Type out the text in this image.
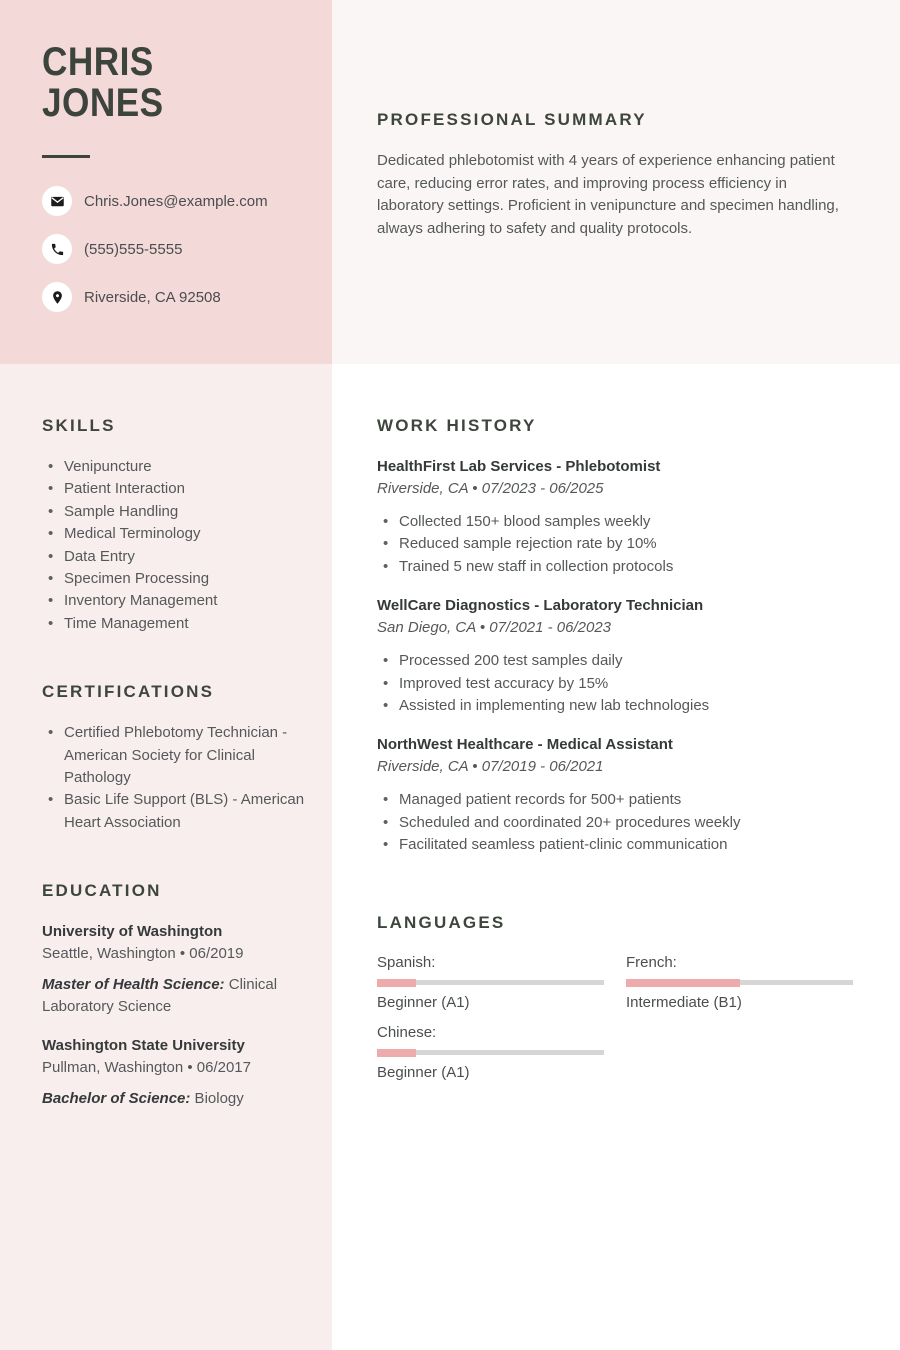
CHRIS
JONES
Chris.Jones@example.com
(555)555-5555
Riverside, CA 92508
PROFESSIONAL SUMMARY

Dedicated phlebotomist with 4 years of experience enhancing patient care, reducing error rates, and improving process efficiency in laboratory settings. Proficient in venipuncture and specimen handling, always adhering to safety and quality protocols.

SKILLS
• Venipuncture
• Patient Interaction
• Sample Handling
• Medical Terminology
• Data Entry
• Specimen Processing
• Inventory Management
• Time Management
CERTIFICATIONS
• Certified Phlebotomy Technician - American Society for Clinical Pathology
• Basic Life Support (BLS) - American Heart Association
EDUCATION
University of Washington
Seattle, Washington • 06/2019
Master of Health Science: Clinical Laboratory Science
Washington State University
Pullman, Washington • 06/2017
Bachelor of Science: Biology
WORK HISTORY
HealthFirst Lab Services - Phlebotomist
Riverside, CA • 07/2023 - 06/2025
• Collected 150+ blood samples weekly
• Reduced sample rejection rate by 10%
• Trained 5 new staff in collection protocols
WellCare Diagnostics - Laboratory Technician
San Diego, CA • 07/2021 - 06/2023
• Processed 200 test samples daily
• Improved test accuracy by 15%
• Assisted in implementing new lab technologies
NorthWest Healthcare - Medical Assistant
Riverside, CA • 07/2019 - 06/2021
• Managed patient records for 500+ patients
• Scheduled and coordinated 20+ procedures weekly
• Facilitated seamless patient-clinic communication
LANGUAGES
Spanish:
Beginner (A1)
French:
Intermediate (B1)
Chinese:
Beginner (A1)
